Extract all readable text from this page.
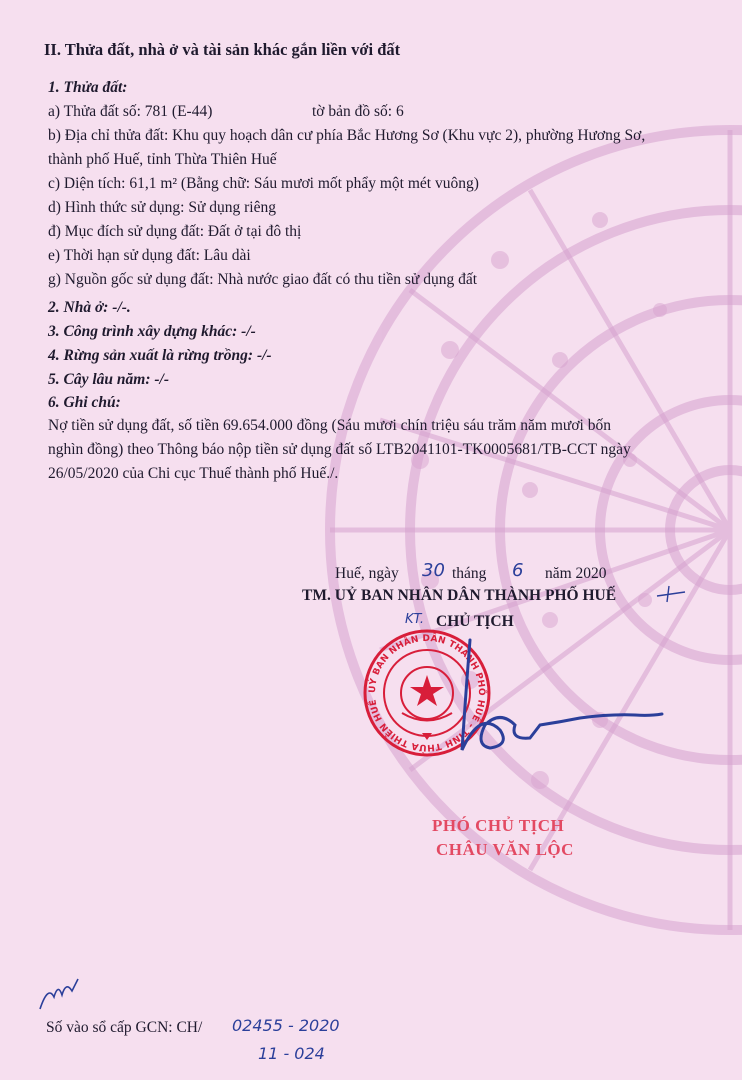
II. Thửa đất, nhà ở và tài sản khác gắn liền với đất
1. Thửa đất:
a) Thửa đất số: 781 (E-44)	tờ bản đồ số: 6
b) Địa chỉ thửa đất: Khu quy hoạch dân cư phía Bắc Hương Sơ (Khu vực 2), phường Hương Sơ,
thành phố Huế, tỉnh Thừa Thiên Huế
c) Diện tích: 61,1 m² (Bằng chữ: Sáu mươi mốt phẩy một mét vuông)
d) Hình thức sử dụng: Sử dụng riêng
đ) Mục đích sử dụng đất: Đất ở tại đô thị
e) Thời hạn sử dụng đất: Lâu dài
g) Nguồn gốc sử dụng đất: Nhà nước giao đất có thu tiền sử dụng đất
2. Nhà ở: -/-.
3. Công trình xây dựng khác: -/-
4. Rừng sản xuất là rừng trồng: -/-
5. Cây lâu năm: -/-
6. Ghi chú:
Nợ tiền sử dụng đất, số tiền 69.654.000 đồng (Sáu mươi chín triệu sáu trăm năm mươi bốn
nghìn đồng) theo Thông báo nộp tiền sử dụng đất số LTB2041101-TK0005681/TB-CCT ngày
26/05/2020 của Chi cục Thuế thành phố Huế./.
Huế, ngày 30 tháng 6 năm 2020
TM. UỶ BAN NHÂN DÂN THÀNH PHỐ HUẾ
KT. CHỦ TỊCH
UỶ BAN NHÂN DÂN THÀNH PHỐ HUẾ - TỈNH THỪA THIÊN HUẾ
PHÓ CHỦ TỊCH
CHÂU VĂN LỘC
Số vào sổ cấp GCN: CH/ 02455 - 2020
11 - 024
